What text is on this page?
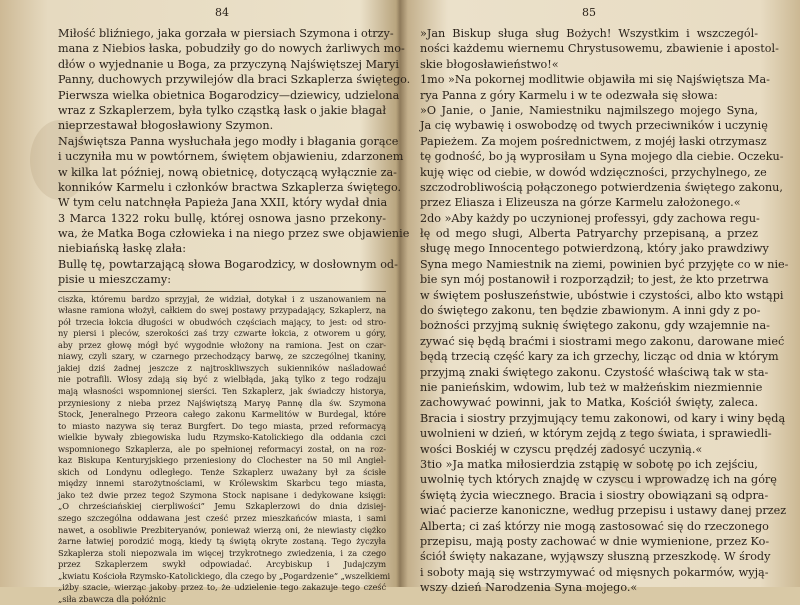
84
Miłość bliźniego, jaka gorzała w piersiach Szymona i otrzy-
mana z Niebios łaska, pobudziły go do nowych żarliwych mo-
dłów o wyjednanie u Boga, za przyczyną Najświętszej Maryi
Panny, duchowych przywilejów dla braci Szkaplerza świętego.
Pierwsza wielka obietnica Bogarodzicy—dziewicy, udzielona
wraz z Szkaplerzem, była tylko cząstką łask o jakie błagał
nieprzestawał błogosławiony Szymon.
Najświętsza Panna wysłuchała jego modły i błagania gorące
i uczyniła mu w powtórnem, świętem objawieniu, zdarzonem
w kilka lat później, nową obietnicę, dotyczącą wyłącznie za-
konników Karmelu i członków bractwa Szkaplerza świętego.
W tym celu natchnęła Papieża Jana XXII, który wydał dnia
3 Marca 1322 roku bullę, której osnowa jasno przekony-
wa, że Matka Boga człowieka i na niego przez swe objawienie
niebiańską łaskę zlała:
Bullę tę, powtarzającą słowa Bogarodzicy, w dosłownym od-
pisie u mieszczamy:
ciszka, któremu bardzo sprzyjał, że widział, dotykał i z uszanowaniem na
własne ramiona włożył, całkiem do swej postawy przypadający, Szkaplerz, na
pół trzecia łokcia długości w obudwóch częściach mający, to jest: od stro-
ny piersi i pleców, szerokości zaś trzy czwarte łokcia, z otworem u góry,
aby przez głowę mógł być wygodnie włożony na ramiona. Jest on czar-
niawy, czyli szary, w czarnego przechodzący barwę, ze szczególnej tkaniny,
jakiej dziś żadnej jeszcze z najtroskliwszych sukienników naśladować
nie potrafili. Włosy zdają się być z wielbłąda, jaką tylko z tego rodzaju
mają własności wspomnionej sierści. Ten Szkaplerz, jak świadczy historya,
przyniesiony z nieba przez Najświętszą Maryę Pannę dla św. Szymona
Stock, Jeneralnego Przeora całego zakonu Karmelitów w Burdegal, które
to miasto nazywa się teraz Burgfert. Do tego miasta, przed reformacyą
wielkie bywały zbiegowiska ludu Rzymsko-Katolickiego dla oddania czci
wspomnionego Szkaplerza, ale po spełnionej reformacyi został, on na roz-
kaz Biskupa Kenturyjskiego przeniesiony do Clochester na 50 mil Angiel-
skich od Londynu odległego. Tenże Szkaplerz uważany był za ścisłe
między innemi starożytnościami, w Królewskim Skarbcu tego miasta,
jako też dwie przez tegoż Szymona Stock napisane i dedykowane księgi:
„O chrześciańskiej cierpliwości” Jemu Szkaplerzowi do dnia dzisiej-
szego szczególna oddawana jest cześć przez mieszkańców miasta, i sami
nawet, a osobliwie Prezbiteryanów, ponieważ wierzą oni, że niewiasty ciężko
żarne łatwiej porodzić mogą, kiedy tą świętą okryte zostaną. Tego życzyła
Szkaplerza stoli niepozwala im więcej trzykrotnego zwiedzenia, i za czego
przez Szkaplerzem swykł odpowiadać. Arcybiskup i Judajczym
„kwiatu Kościoła Rzymsko-Katolickiego, dla czego by „Pogardzenie” „wszelkiemi
„iżby szacie, wierząc jakoby przez to, że udzielenie tego zakazuje tego cześć
„siła zbawcza dla połóżnic
85
»Jan Biskup sługa sług Bożych! Wszystkim i wszczegól-
ności każdemu wiernemu Chrystusowemu, zbawienie i apostol-
skie błogosławieństwo!«
1mo »Na pokornej modlitwie objawiła mi się Najświętsza Ma-
rya Panna z góry Karmelu i w te odezwała się słowa:
»O Janie, o Janie, Namiestniku najmilszego mojego Syna,
Ja cię wybawię i oswobodzę od twych przeciwników i uczynię
Papieżem. Za mojem pośrednictwem, z mojéj łaski otrzymasz
tę godność, bo ją wyprosiłam u Syna mojego dla ciebie. Oczeku-
kuję więc od ciebie, w dowód wdzięczności, przychylnego, ze
szczodrobliwością połączonego potwierdzenia świętego zakonu,
przez Eliasza i Elizeusza na górze Karmelu założonego.«
2do »Aby każdy po uczynionej professyi, gdy zachowa regu-
łę od mego sługi, Alberta Patryarchy przepisaną, a przez
sługę mego Innocentego potwierdzoną, który jako prawdziwy
Syna mego Namiestnik na ziemi, powinien być przyjęte co w nie-
bie syn mój postanowił i rozporządził; to jest, że kto przetrwa
w świętem posłuszeństwie, ubóstwie i czystości, albo kto wstąpi
do świętego zakonu, ten będzie zbawionym. A inni gdy z po-
bożności przyjmą suknię świętego zakonu, gdy wzajemnie na-
zywać się będą braćmi i siostrami mego zakonu, darowane mieć
będą trzecią część kary za ich grzechy, licząc od dnia w którym
przyjmą znaki świętego zakonu. Czystość właściwą tak w sta-
nie panieńskim, wdowim, lub też w małżeńskim niezmiennie
zachowywać powinni, jak to Matka, Kościół święty, zaleca.
Bracia i siostry przyjmujący temu zakonowi, od kary i winy będą
uwolnieni w dzień, w którym zejdą z tego świata, i sprawiedli-
wości Boskiéj w czyscu prędzéj zadosyć uczynią.«
3tio »Ja matka miłosierdzia zstąpię w sobotę po ich zejściu,
uwolnię tych których znajdę w czyscu i wprowadzę ich na górę
świętą życia wiecznego. Bracia i siostry obowiązani są odpra-
wiać pacierze kanoniczne, według przepisu i ustawy danej przez
Alberta; ci zaś którzy nie mogą zastosować się do rzeczonego
przepisu, mają posty zachować w dnie wymienione, przez Ko-
ściół święty nakazane, wyjąwszy słuszną przeszkodę. W środy
i soboty mają się wstrzymywać od mięsnych pokarmów, wyją-
wszy dzień Narodzenia Syna mojego.«
